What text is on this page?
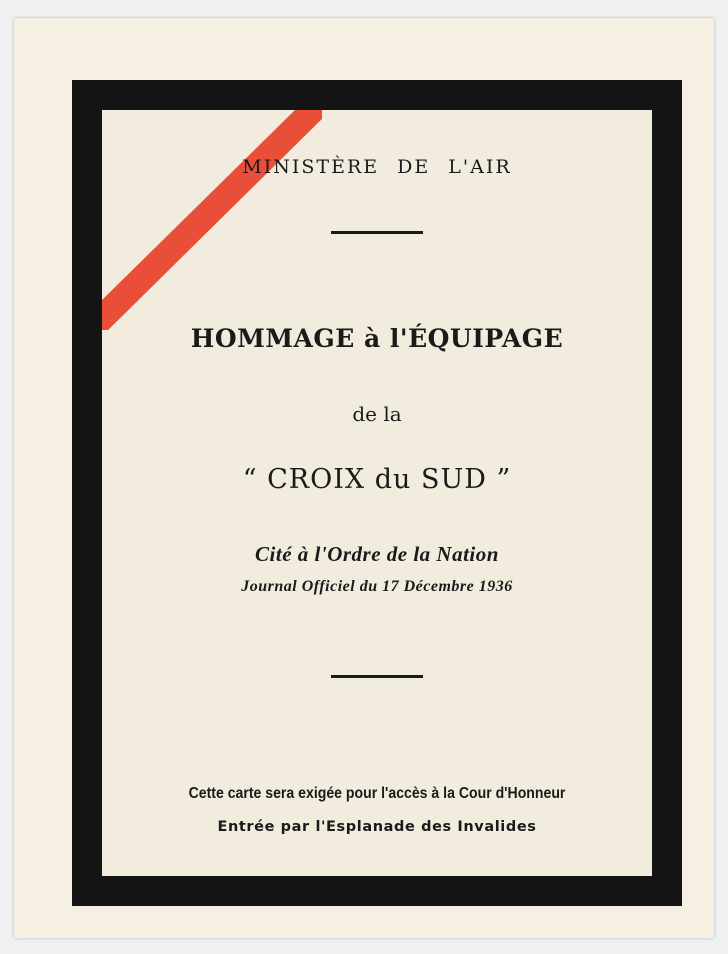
MINISTÈRE DE L'AIR
HOMMAGE à l'ÉQUIPAGE
de la
“ CROIX du SUD ”
Cité à l'Ordre de la Nation
Journal Officiel du 17 Décembre 1936
Cette carte sera exigée pour l'accès à la Cour d'Honneur
Entrée par l'Esplanade des Invalides
